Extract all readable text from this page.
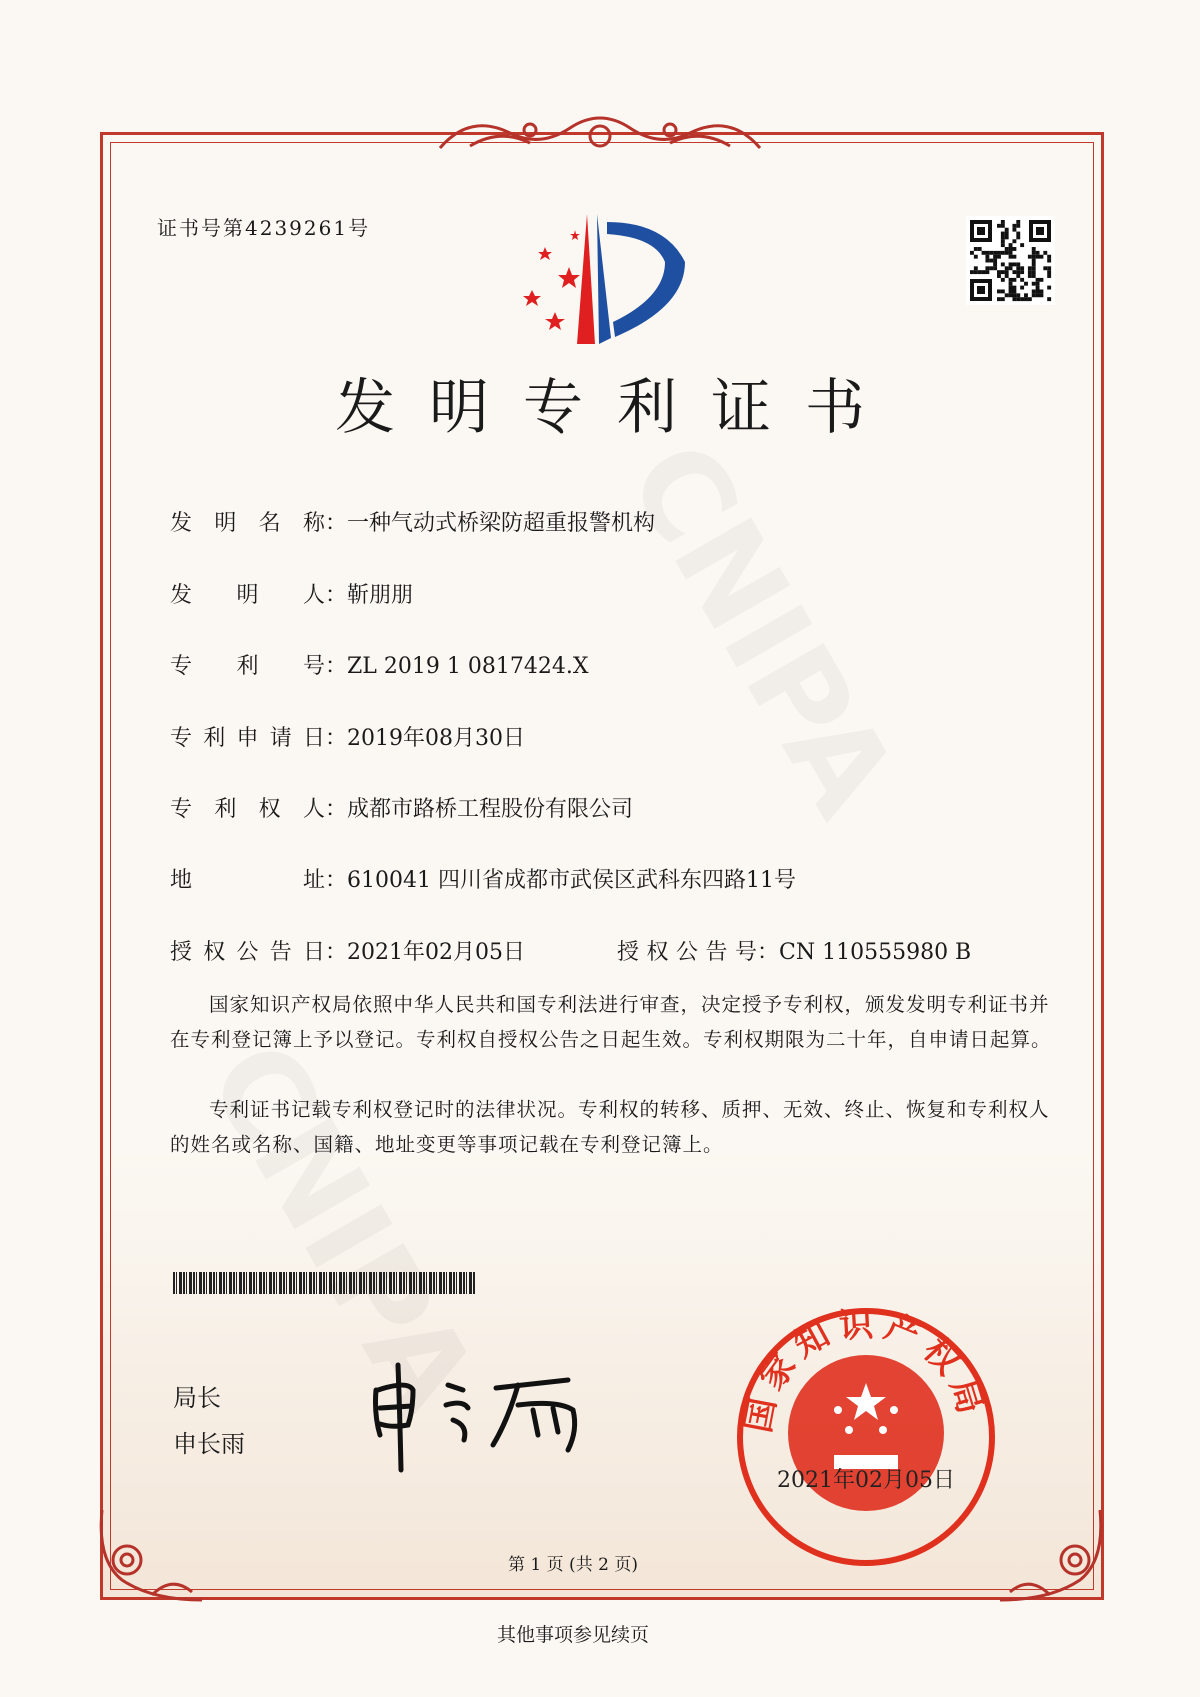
证书号第4239261号
发明专利证书
发明名称：一种气动式桥梁防超重报警机构
发明人：靳朋朋
专利号：ZL 2019 1 0817424.X
专利申请日：2019年08月30日
专利权人：成都市路桥工程股份有限公司
地址：610041 四川省成都市武侯区武科东四路11号
授权公告日：2021年02月05日	授权公告号：CN 110555980 B
国家知识产权局依照中华人民共和国专利法进行审查，决定授予专利权，颁发发明专利证书并在专利登记簿上予以登记。专利权自授权公告之日起生效。专利权期限为二十年，自申请日起算。
专利证书记载专利权登记时的法律状况。专利权的转移、质押、无效、终止、恢复和专利权人的姓名或名称、国籍、地址变更等事项记载在专利登记簿上。
局长
申长雨
国家知识产权局
2021年02月05日
第 1 页 (共 2 页)
其他事项参见续页
